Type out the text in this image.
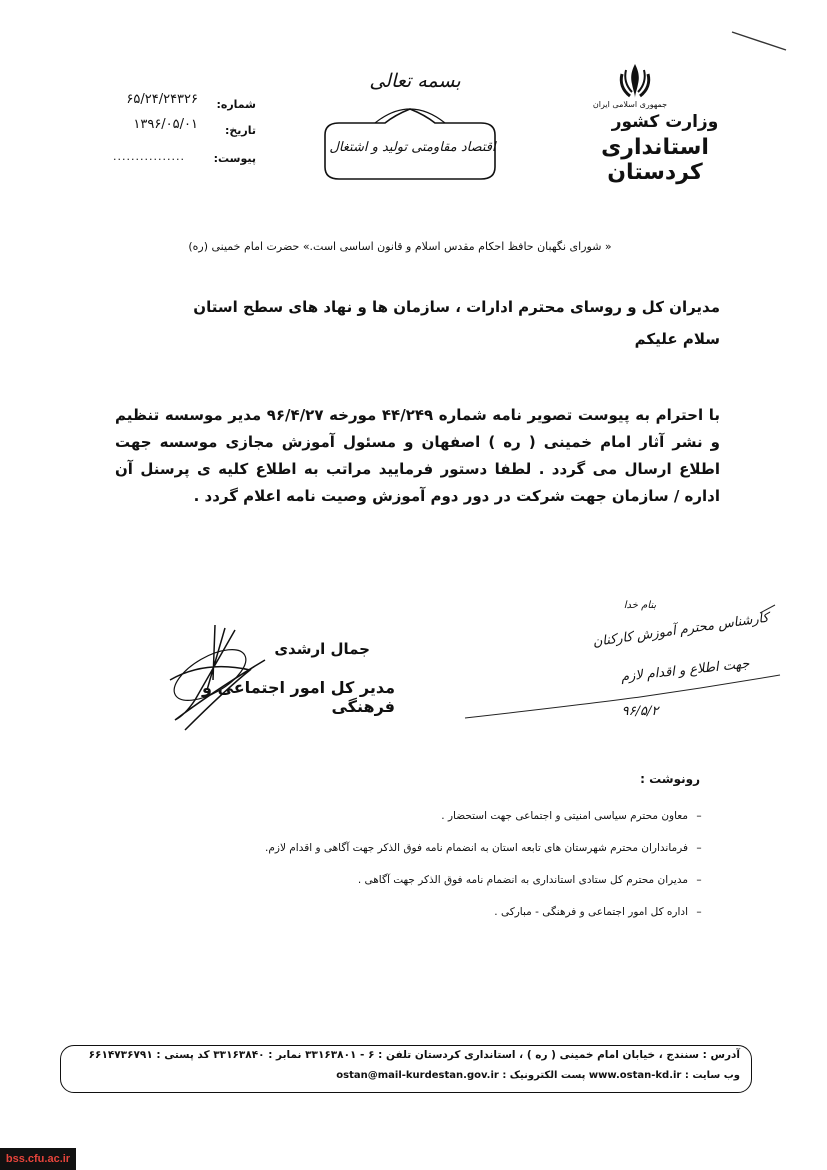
جمهوری اسلامی ایران
وزارت کشور
استانداری کردستان
بسمه تعالی
اقتصاد مقاومتی تولید و اشتغال
شماره:
۶۵/۲۴/۲۴۳۲۶
تاریخ:
۱۳۹۶/۰۵/۰۱
پیوست:
................
« شورای نگهبان حافظ احکام مقدس اسلام و قانون اساسی است.» حضرت امام خمینی (ره)
مدیران کل و روسای محترم ادارات ، سازمان ها و نهاد های سطح استان
سلام علیکم
با احترام به پیوست تصویر نامه شماره ۴۴/۲۴۹ مورخه ۹۶/۴/۲۷ مدیر موسسه تنظیم و نشر آثار امام خمینی ( ره ) اصفهان و مسئول آموزش مجازی موسسه جهت اطلاع ارسال می گردد . لطفا دستور فرمایید مراتب به اطلاع کلیه ی پرسنل آن اداره / سازمان جهت شرکت در دور دوم آموزش وصیت نامه اعلام گردد .
بنام خدا
کارشناس محترم آموزش کارکنان
جهت اطلاع و اقدام لازم
۹۶/۵/۲
جمال ارشدی
مدیر کل امور اجتماعی و فرهنگی
رونوشت :
–معاون محترم سیاسی امنیتی و اجتماعی جهت استحضار .
–فرمانداران محترم شهرستان های تابعه استان به انضمام نامه فوق الذکر جهت آگاهی و اقدام لازم.
–مدیران محترم کل ستادی استانداری به انضمام نامه فوق الذکر جهت آگاهی .
–اداره کل امور اجتماعی و فرهنگی - مبارکی .
آدرس : سنندج ، خیابان امام خمینی ( ره ) ، استانداری کردستان تلفن : ۶ - ۳۳۱۶۳۸۰۱ نمابر : ۳۳۱۶۳۸۴۰ کد پستی : ۶۶۱۴۷۳۶۷۹۱
وب سایت : www.ostan-kd.ir پست الکترونیک : ostan@mail-kurdestan.gov.ir
bss.cfu.ac.ir
